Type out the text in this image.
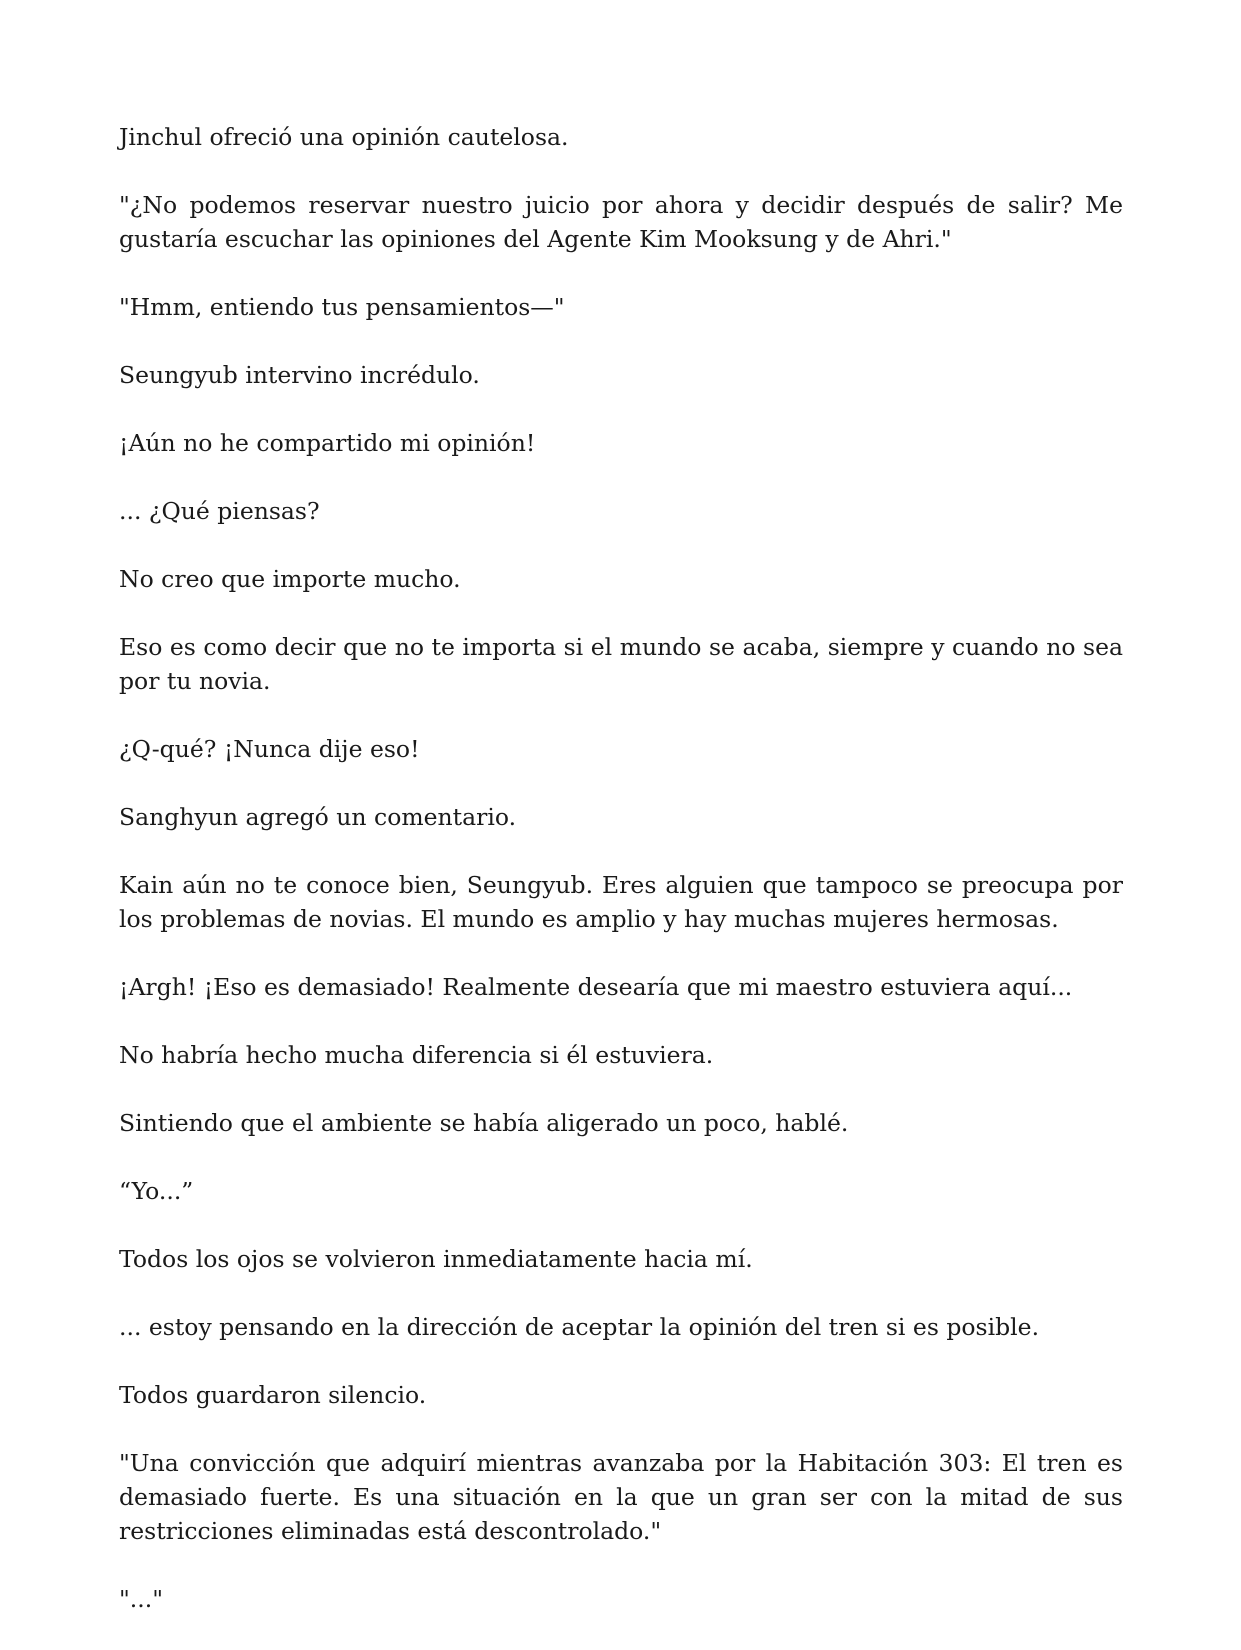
Jinchul ofreció una opinión cautelosa.

"¿No podemos reservar nuestro juicio por ahora y decidir después de salir? Me gustaría escuchar las opiniones del Agente Kim Mooksung y de Ahri."

"Hmm, entiendo tus pensamientos—"

Seungyub intervino incrédulo.

¡Aún no he compartido mi opinión!

... ¿Qué piensas?

No creo que importe mucho.

Eso es como decir que no te importa si el mundo se acaba, siempre y cuando no sea por tu novia.

¿Q-qué? ¡Nunca dije eso!

Sanghyun agregó un comentario.

Kain aún no te conoce bien, Seungyub. Eres alguien que tampoco se preocupa por los problemas de novias. El mundo es amplio y hay muchas mujeres hermosas.

¡Argh! ¡Eso es demasiado! Realmente desearía que mi maestro estuviera aquí...

No habría hecho mucha diferencia si él estuviera.

Sintiendo que el ambiente se había aligerado un poco, hablé.

“Yo...”

Todos los ojos se volvieron inmediatamente hacia mí.

... estoy pensando en la dirección de aceptar la opinión del tren si es posible.

Todos guardaron silencio.

"Una convicción que adquirí mientras avanzaba por la Habitación 303: El tren es demasiado fuerte. Es una situación en la que un gran ser con la mitad de sus restricciones eliminadas está descontrolado."

"..."
